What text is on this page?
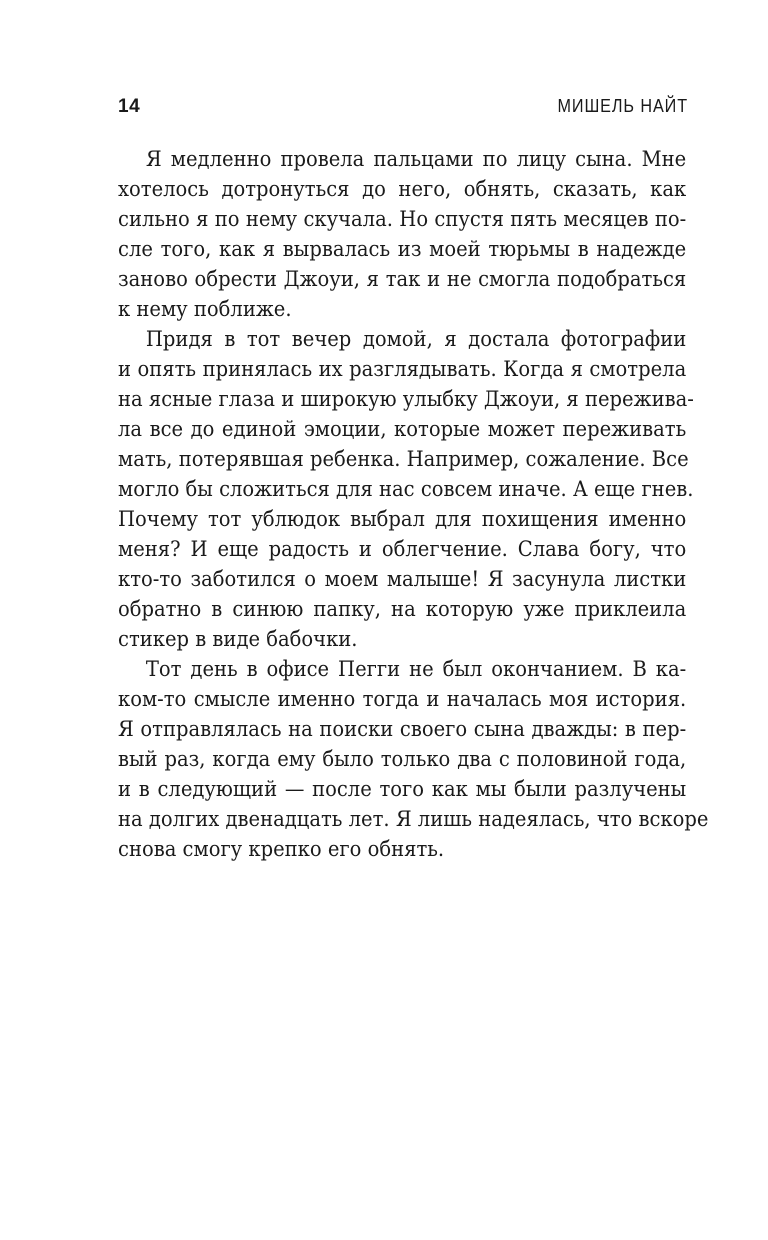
14	МИШЕЛЬ НАЙТ
Я медленно провела пальцами по лицу сына. Мне
хотелось дотронуться до него, обнять, сказать, как
сильно я по нему скучала. Но спустя пять месяцев по-
сле того, как я вырвалась из моей тюрьмы в надежде
заново обрести Джоуи, я так и не смогла подобраться
к нему поближе.
Придя в тот вечер домой, я достала фотографии
и опять принялась их разглядывать. Когда я смотрела
на ясные глаза и широкую улыбку Джоуи, я пережива-
ла все до единой эмоции, которые может переживать
мать, потерявшая ребенка. Например, сожаление. Все
могло бы сложиться для нас совсем иначе. А еще гнев.
Почему тот ублюдок выбрал для похищения именно
меня? И еще радость и облегчение. Слава богу, что
кто-то заботился о моем малыше! Я засунула листки
обратно в синюю папку, на которую уже приклеила
стикер в виде бабочки.
Тот день в офисе Пегги не был окончанием. В ка-
ком-то смысле именно тогда и началась моя история.
Я отправлялась на поиски своего сына дважды: в пер-
вый раз, когда ему было только два с половиной года,
и в следующий — после того как мы были разлучены
на долгих двенадцать лет. Я лишь надеялась, что вскоре
снова смогу крепко его обнять.
